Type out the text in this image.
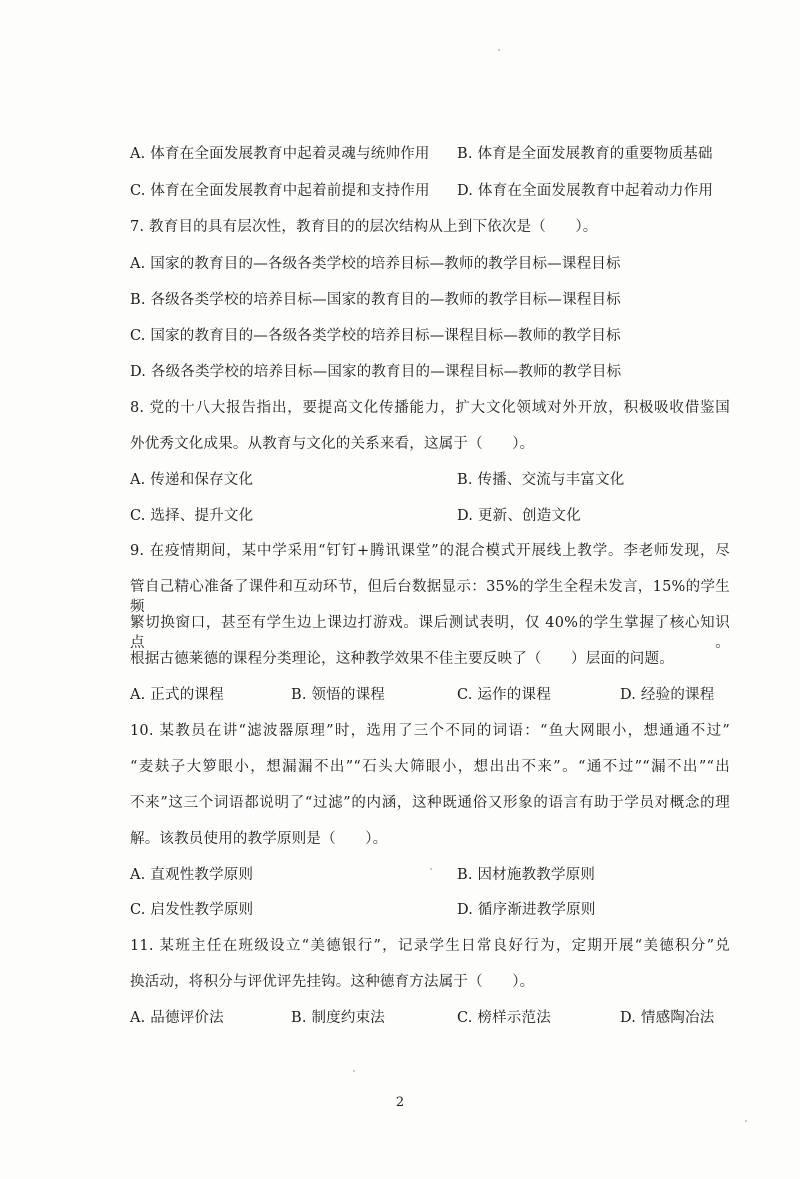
A. 体育在全面发展教育中起着灵魂与统帅作用 B. 体育是全面发展教育的重要物质基础
C. 体育在全面发展教育中起着前提和支持作用 D. 体育在全面发展教育中起着动力作用
7. 教育目的具有层次性，教育目的的层次结构从上到下依次是（　　）。
A. 国家的教育目的—各级各类学校的培养目标—教师的教学目标—课程目标
B. 各级各类学校的培养目标—国家的教育目的—教师的教学目标—课程目标
C. 国家的教育目的—各级各类学校的培养目标—课程目标—教师的教学目标
D. 各级各类学校的培养目标—国家的教育目的—课程目标—教师的教学目标
8. 党的十八大报告指出，要提高文化传播能力，扩大文化领域对外开放，积极吸收借鉴国
外优秀文化成果。从教育与文化的关系来看，这属于（　　）。
A. 传递和保存文化	B. 传播、交流与丰富文化
C. 选择、提升文化	D. 更新、创造文化
9. 在疫情期间，某中学采用“钉钉+腾讯课堂”的混合模式开展线上教学。李老师发现，尽
管自己精心准备了课件和互动环节，但后台数据显示：35%的学生全程未发言，15%的学生频
繁切换窗口，甚至有学生边上课边打游戏。课后测试表明，仅 40%的学生掌握了核心知识点。
根据古德莱德的课程分类理论，这种教学效果不佳主要反映了（　　）层面的问题。
A. 正式的课程	B. 领悟的课程	C. 运作的课程	D. 经验的课程
10. 某教员在讲“滤波器原理”时，选用了三个不同的词语：“鱼大网眼小，想通通不过”
“麦麸子大箩眼小，想漏漏不出”“石头大筛眼小，想出出不来”。“通不过”“漏不出”“出
不来”这三个词语都说明了“过滤”的内涵，这种既通俗又形象的语言有助于学员对概念的理
解。该教员使用的教学原则是（　　）。
A. 直观性教学原则	B. 因材施教教学原则
C. 启发性教学原则	D. 循序渐进教学原则
11. 某班主任在班级设立“美德银行”，记录学生日常良好行为，定期开展“美德积分”兑
换活动，将积分与评优评先挂钩。这种德育方法属于（　　）。
A. 品德评价法	B. 制度约束法	C. 榜样示范法	D. 情感陶冶法
2
